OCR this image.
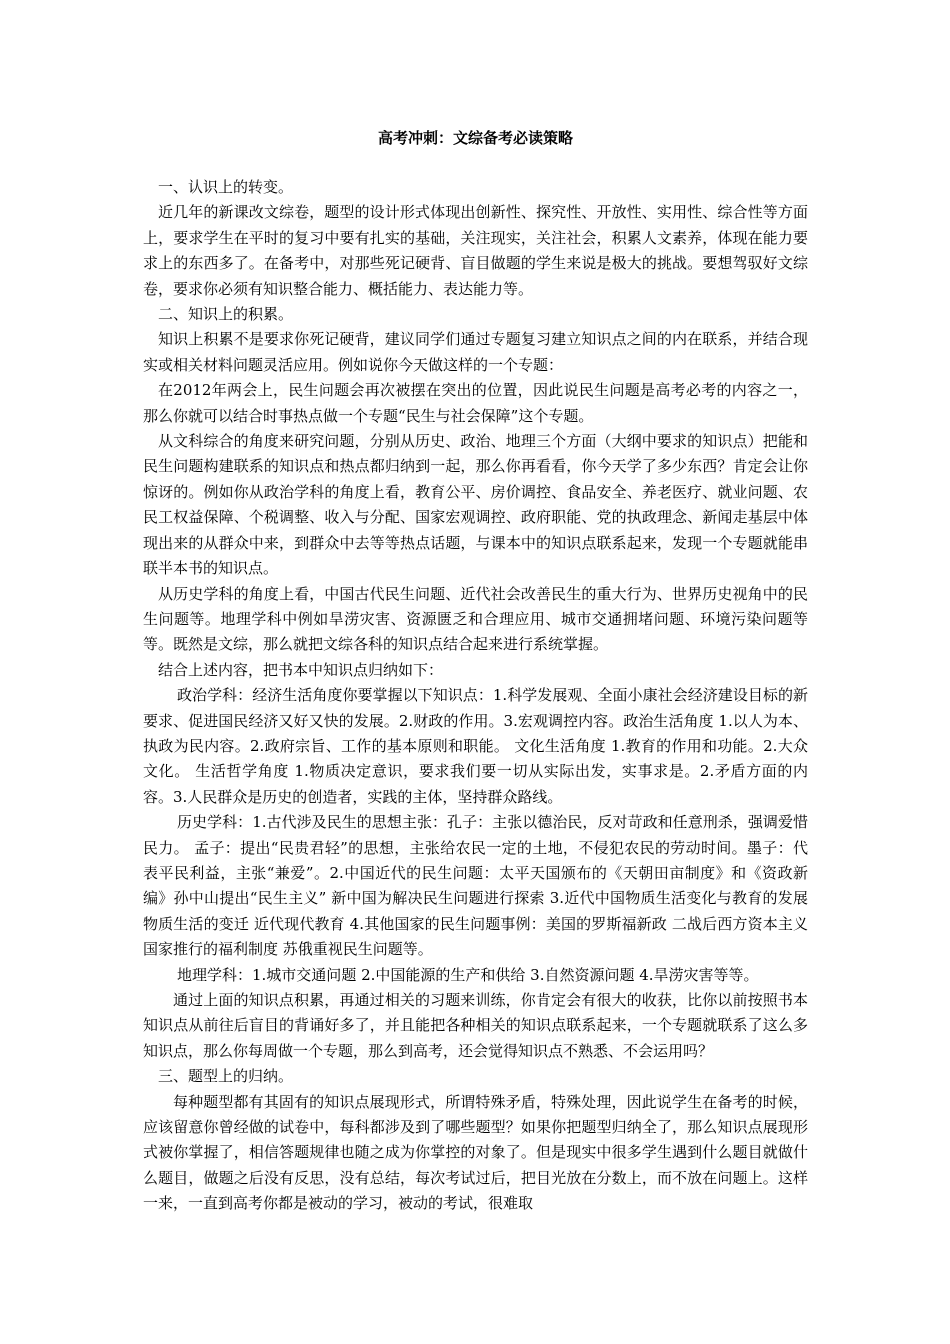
高考冲刺：文综备考必读策略

一、认识上的转变。

近几年的新课改文综卷，题型的设计形式体现出创新性、探究性、开放性、实用性、综合性等方面上，要求学生在平时的复习中要有扎实的基础，关注现实，关注社会，积累人文素养，体现在能力要求上的东西多了。在备考中，对那些死记硬背、盲目做题的学生来说是极大的挑战。要想驾驭好文综卷，要求你必须有知识整合能力、概括能力、表达能力等。

二、知识上的积累。

知识上积累不是要求你死记硬背，建议同学们通过专题复习建立知识点之间的内在联系，并结合现实或相关材料问题灵活应用。例如说你今天做这样的一个专题：

在2012年两会上，民生问题会再次被摆在突出的位置，因此说民生问题是高考必考的内容之一，那么你就可以结合时事热点做一个专题“民生与社会保障”这个专题。

从文科综合的角度来研究问题，分别从历史、政治、地理三个方面（大纲中要求的知识点）把能和民生问题构建联系的知识点和热点都归纳到一起，那么你再看看，你今天学了多少东西？肯定会让你惊讶的。例如你从政治学科的角度上看，教育公平、房价调控、食品安全、养老医疗、就业问题、农民工权益保障、个税调整、收入与分配、国家宏观调控、政府职能、党的执政理念、新闻走基层中体现出来的从群众中来，到群众中去等等热点话题，与课本中的知识点联系起来，发现一个专题就能串联半本书的知识点。

从历史学科的角度上看，中国古代民生问题、近代社会改善民生的重大行为、世界历史视角中的民生问题等。地理学科中例如旱涝灾害、资源匮乏和合理应用、城市交通拥堵问题、环境污染问题等等。既然是文综，那么就把文综各科的知识点结合起来进行系统掌握。

结合上述内容，把书本中知识点归纳如下：

政治学科：经济生活角度你要掌握以下知识点：1.科学发展观、全面小康社会经济建设目标的新要求、促进国民经济又好又快的发展。2.财政的作用。3.宏观调控内容。政治生活角度 1.以人为本、执政为民内容。2.政府宗旨、工作的基本原则和职能。 文化生活角度 1.教育的作用和功能。2.大众文化。 生活哲学角度 1.物质决定意识，要求我们要一切从实际出发，实事求是。2.矛盾方面的内容。3.人民群众是历史的创造者，实践的主体，坚持群众路线。

历史学科：1.古代涉及民生的思想主张：孔子：主张以德治民，反对苛政和任意刑杀，强调爱惜民力。 孟子：提出“民贵君轻”的思想，主张给农民一定的土地，不侵犯农民的劳动时间。墨子：代表平民利益，主张“兼爱”。2.中国近代的民生问题：太平天国颁布的《天朝田亩制度》和《资政新编》孙中山提出“民生主义” 新中国为解决民生问题进行探索 3.近代中国物质生活变化与教育的发展 物质生活的变迁 近代现代教育 4.其他国家的民生问题事例：美国的罗斯福新政 二战后西方资本主义国家推行的福利制度 苏俄重视民生问题等。

地理学科：1.城市交通问题 2.中国能源的生产和供给 3.自然资源问题 4.旱涝灾害等等。

通过上面的知识点积累，再通过相关的习题来训练，你肯定会有很大的收获，比你以前按照书本知识点从前往后盲目的背诵好多了，并且能把各种相关的知识点联系起来，一个专题就联系了这么多知识点，那么你每周做一个专题，那么到高考，还会觉得知识点不熟悉、不会运用吗？

三、题型上的归纳。

每种题型都有其固有的知识点展现形式，所谓特殊矛盾，特殊处理，因此说学生在备考的时候，应该留意你曾经做的试卷中，每科都涉及到了哪些题型？如果你把题型归纳全了，那么知识点展现形式被你掌握了，相信答题规律也随之成为你掌控的对象了。但是现实中很多学生遇到什么题目就做什么题目，做题之后没有反思，没有总结，每次考试过后，把目光放在分数上，而不放在问题上。这样一来，一直到高考你都是被动的学习，被动的考试，很难取
